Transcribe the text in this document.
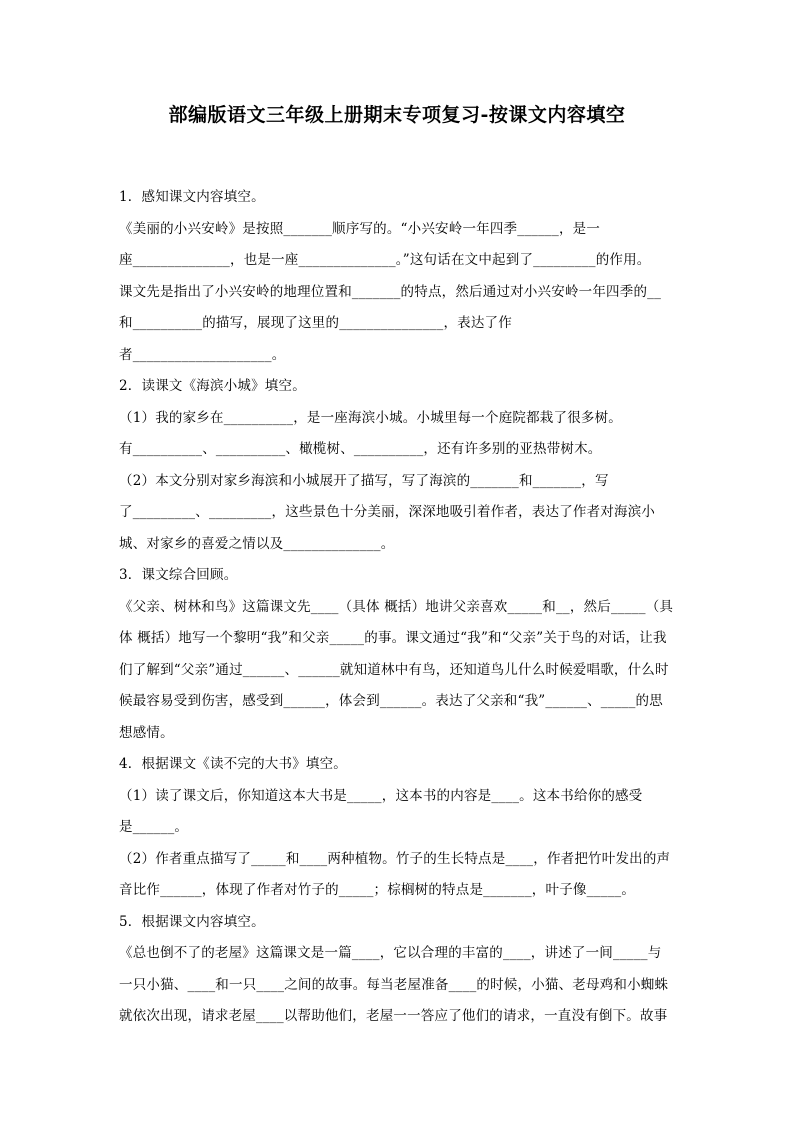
部编版语文三年级上册期末专项复习-按课文内容填空
1．感知课文内容填空。
《美丽的小兴安岭》是按照_______顺序写的。“小兴安岭一年四季______，是一
座______________，也是一座______________。”这句话在文中起到了_________的作用。
课文先是指出了小兴安岭的地理位置和_______的特点，然后通过对小兴安岭一年四季的__
和__________的描写，展现了这里的_______________，表达了作
者____________________。
2．读课文《海滨小城》填空。
（1）我的家乡在__________，是一座海滨小城。小城里每一个庭院都栽了很多树。
有__________、__________、橄榄树、__________，还有许多别的亚热带树木。
（2）本文分别对家乡海滨和小城展开了描写，写了海滨的_______和_______，写
了_________、_________，这些景色十分美丽，深深地吸引着作者，表达了作者对海滨小
城、对家乡的喜爱之情以及______________。
3．课文综合回顾。
《父亲、树林和鸟》这篇课文先____（具体 概括）地讲父亲喜欢_____和__，然后_____（具
体 概括）地写一个黎明“我”和父亲_____的事。课文通过“我”和“父亲”关于鸟的对话，让我
们了解到“父亲”通过______、______就知道林中有鸟，还知道鸟儿什么时候爱唱歌，什么时
候最容易受到伤害，感受到______，体会到______。表达了父亲和“我”______、_____的思
想感情。
4．根据课文《读不完的大书》填空。
（1）读了课文后，你知道这本大书是_____，这本书的内容是____。这本书给你的感受
是______。
（2）作者重点描写了_____和____两种植物。竹子的生长特点是____，作者把竹叶发出的声
音比作______，体现了作者对竹子的_____；棕榈树的特点是_______，叶子像_____。
5．根据课文内容填空。
《总也倒不了的老屋》这篇课文是一篇____，它以合理的丰富的____，讲述了一间_____与
一只小猫、____和一只____之间的故事。每当老屋准备____的时候，小猫、老母鸡和小蜘蛛
就依次出现，请求老屋____以帮助他们，老屋一一答应了他们的请求，一直没有倒下。故事
